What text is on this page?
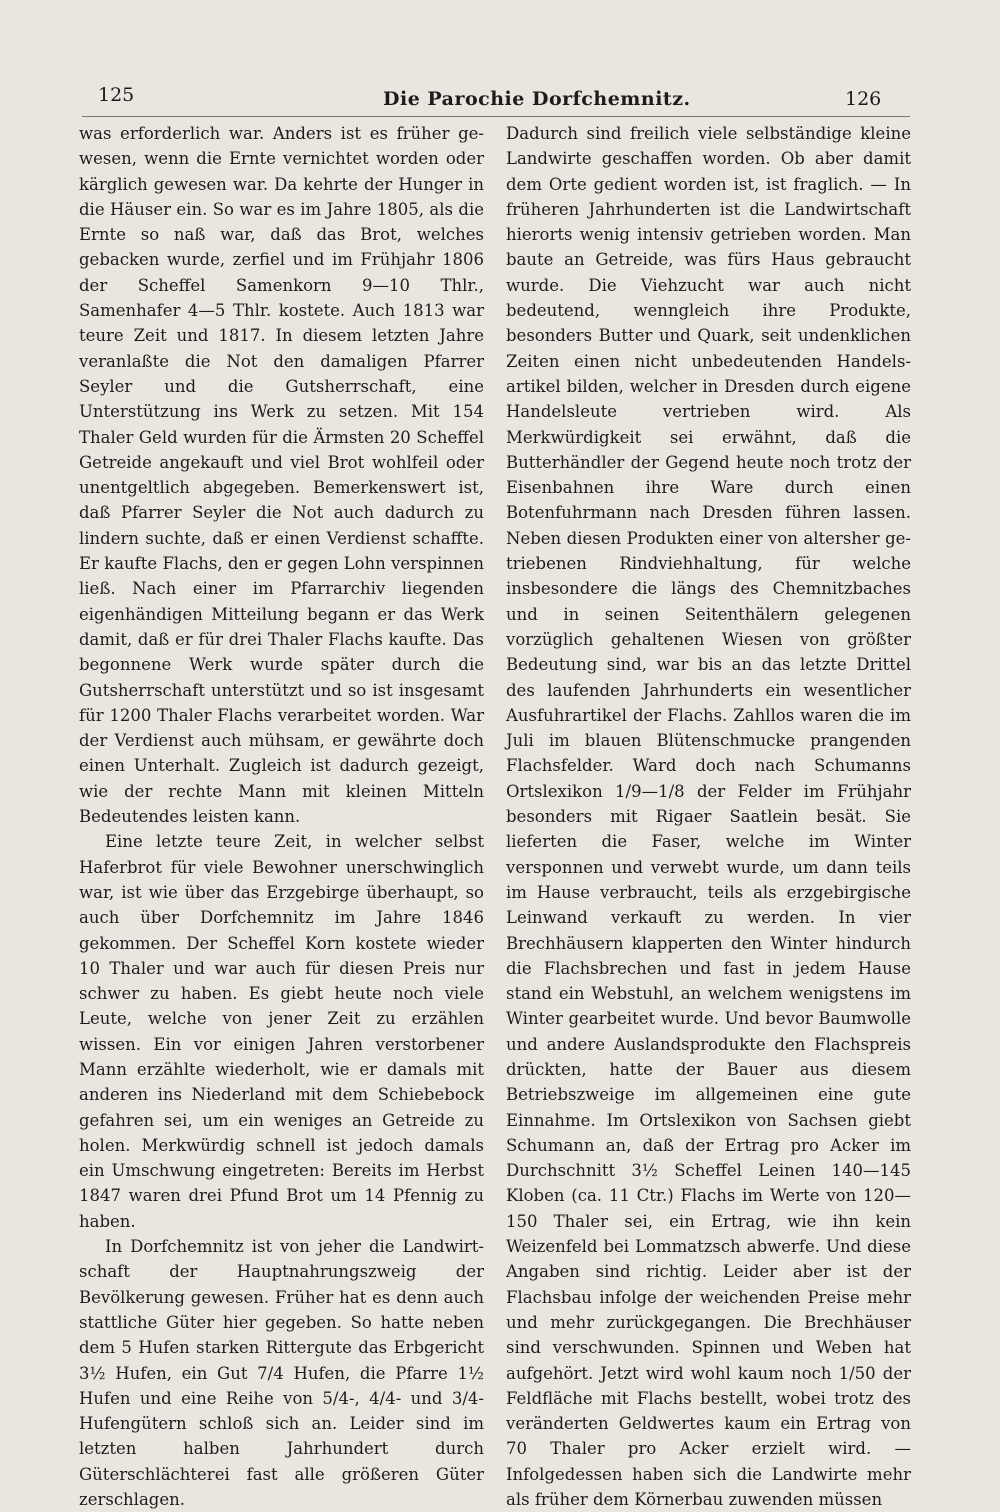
125	Die Parochie Dorfchemnitz.	126

was erforderlich war. Anders ist es früher gewesen, wenn die Ernte vernichtet worden oder kärglich gewesen war. Da kehrte der Hunger in die Häuser ein. So war es im Jahre 1805, als die Ernte so naß war, daß das Brot, welches gebacken wurde, zerfiel und im Frühjahr 1806 der Scheffel Samenkorn 9—10 Thlr., Samenhafer 4—5 Thlr. kostete. Auch 1813 war teure Zeit und 1817. In diesem letzten Jahre veranlaßte die Not den damaligen Pfarrer Seyler und die Gutsherrschaft, eine Unterstützung ins Werk zu setzen. Mit 154 Thaler Geld wurden für die Ärmsten 20 Scheffel Getreide angekauft und viel Brot wohlfeil oder unentgeltlich abgegeben. Bemerkenswert ist, daß Pfarrer Seyler die Not auch dadurch zu lindern suchte, daß er einen Verdienst schaffte. Er kaufte Flachs, den er gegen Lohn verspinnen ließ. Nach einer im Pfarrarchiv liegenden eigenhändigen Mitteilung begann er das Werk damit, daß er für drei Thaler Flachs kaufte. Das begonnene Werk wurde später durch die Gutsherrschaft unterstützt und so ist insgesamt für 1200 Thaler Flachs verarbeitet worden. War der Verdienst auch mühsam, er gewährte doch einen Unterhalt. Zugleich ist dadurch gezeigt, wie der rechte Mann mit kleinen Mitteln Bedeutendes leisten kann.

Eine letzte teure Zeit, in welcher selbst Haferbrot für viele Bewohner unerschwinglich war, ist wie über das Erzgebirge überhaupt, so auch über Dorfchemnitz im Jahre 1846 gekommen. Der Scheffel Korn kostete wieder 10 Thaler und war auch für diesen Preis nur schwer zu haben. Es giebt heute noch viele Leute, welche von jener Zeit zu erzählen wissen. Ein vor einigen Jahren verstorbener Mann erzählte wiederholt, wie er damals mit anderen ins Niederland mit dem Schiebebock gefahren sei, um ein weniges an Getreide zu holen. Merkwürdig schnell ist jedoch damals ein Umschwung eingetreten: Bereits im Herbst 1847 waren drei Pfund Brot um 14 Pfennig zu haben.

In Dorfchemnitz ist von jeher die Landwirtschaft der Hauptnahrungszweig der Bevölkerung gewesen. Früher hat es denn auch stattliche Güter hier gegeben. So hatte neben dem 5 Hufen starken Rittergute das Erbgericht 3½ Hufen, ein Gut 7/4 Hufen, die Pfarre 1½ Hufen und eine Reihe von 5/4-, 4/4- und 3/4-Hufengütern schloß sich an. Leider sind im letzten halben Jahrhundert durch Güterschlächterei fast alle größeren Güter zerschlagen.

Dadurch sind freilich viele selbständige kleine Landwirte geschaffen worden. Ob aber damit dem Orte gedient worden ist, ist fraglich. — In früheren Jahrhunderten ist die Landwirtschaft hierorts wenig intensiv getrieben worden. Man baute an Getreide, was fürs Haus gebraucht wurde. Die Viehzucht war auch nicht bedeutend, wenngleich ihre Produkte, besonders Butter und Quark, seit undenklichen Zeiten einen nicht unbedeutenden Handelsartikel bilden, welcher in Dresden durch eigene Handelsleute vertrieben wird. Als Merkwürdigkeit sei erwähnt, daß die Butterhändler der Gegend heute noch trotz der Eisenbahnen ihre Ware durch einen Botenfuhrmann nach Dresden führen lassen. Neben diesen Produkten einer von altersher getriebenen Rindviehhaltung, für welche insbesondere die längs des Chemnitzbaches und in seinen Seitenthälern gelegenen vorzüglich gehaltenen Wiesen von größter Bedeutung sind, war bis an das letzte Drittel des laufenden Jahrhunderts ein wesentlicher Ausfuhrartikel der Flachs. Zahllos waren die im Juli im blauen Blütenschmucke prangenden Flachsfelder. Ward doch nach Schumanns Ortslexikon 1/9—1/8 der Felder im Frühjahr besonders mit Rigaer Saatlein besät. Sie lieferten die Faser, welche im Winter versponnen und verwebt wurde, um dann teils im Hause verbraucht, teils als erzgebirgische Leinwand verkauft zu werden. In vier Brechhäusern klapperten den Winter hindurch die Flachsbrechen und fast in jedem Hause stand ein Webstuhl, an welchem wenigstens im Winter gearbeitet wurde. Und bevor Baumwolle und andere Auslandsprodukte den Flachspreis drückten, hatte der Bauer aus diesem Betriebszweige im allgemeinen eine gute Einnahme. Im Ortslexikon von Sachsen giebt Schumann an, daß der Ertrag pro Acker im Durchschnitt 3½ Scheffel Leinen 140—145 Kloben (ca. 11 Ctr.) Flachs im Werte von 120—150 Thaler sei, ein Ertrag, wie ihn kein Weizenfeld bei Lommatzsch abwerfe. Und diese Angaben sind richtig. Leider aber ist der Flachsbau infolge der weichenden Preise mehr und mehr zurückgegangen. Die Brechhäuser sind verschwunden. Spinnen und Weben hat aufgehört. Jetzt wird wohl kaum noch 1/50 der Feldfläche mit Flachs bestellt, wobei trotz des veränderten Geldwertes kaum ein Ertrag von 70 Thaler pro Acker erzielt wird. — Infolgedessen haben sich die Landwirte mehr als früher dem Körnerbau zuwenden müssen
